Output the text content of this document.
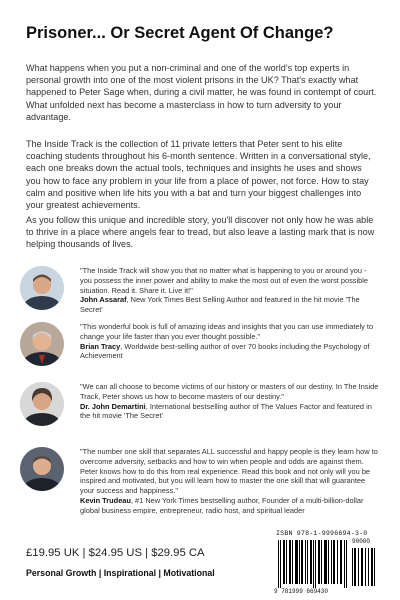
Prisoner... Or Secret Agent Of Change?

What happens when you put a non-criminal and one of the world's top experts in personal growth into one of the most violent prisons in the UK? That's exactly what happened to Peter Sage when, during a civil matter, he was found in contempt of court. What unfolded next has become a masterclass in how to turn adversity to your advantage.

The Inside Track is the collection of 11 private letters that Peter sent to his elite coaching students throughout his 6-month sentence. Written in a conversational style, each one breaks down the actual tools, techniques and insights he uses and shows you how to face any problem in your life from a place of power, not force. How to stay calm and positive when life hits you with a bat and turn your biggest challenges into your greatest achievements.

As you follow this unique and incredible story, you'll discover not only how he was able to thrive in a place where angels fear to tread, but also leave a lasting mark that is now helping thousands of lives.

"The Inside Track will show you that no matter what is happening to you or around you - you possess the inner power and ability to make the most out of even the worst possible situation. Read it. Share it. Live it!"
John Assaraf, New York Times Best Selling Author and featured in the hit movie 'The Secret'

"This wonderful book is full of amazing ideas and insights that you can use immediately to change your life faster than you ever thought possible."
Brian Tracy, Worldwide best-selling author of over 70 books including the Psychology of Achievement

"We can all choose to become victims of our history or masters of our destiny. In The Inside Track, Peter shows us how to become masters of our destiny."
Dr. John Demartini, International bestselling author of The Values Factor and featured in the hit movie 'The Secret'

"The number one skill that separates ALL successful and happy people is they learn how to overcome adversity, setbacks and how to win when people and odds are against them. Peter knows how to do this from real experience. Read this book and not only will you be inspired and motivated, but you will learn how to master the one skill that will guarantee your success and happiness."
Kevin Trudeau, #1 New York Times bestselling author, Founder of a multi-billion-dollar global business empire, entrepreneur, radio host, and spiritual leader

£19.95 UK | $24.95 US | $29.95 CA
Personal Growth | Inspirational | Motivational
ISBN 978-1-9996694-3-0
9 781999 669430
90000
